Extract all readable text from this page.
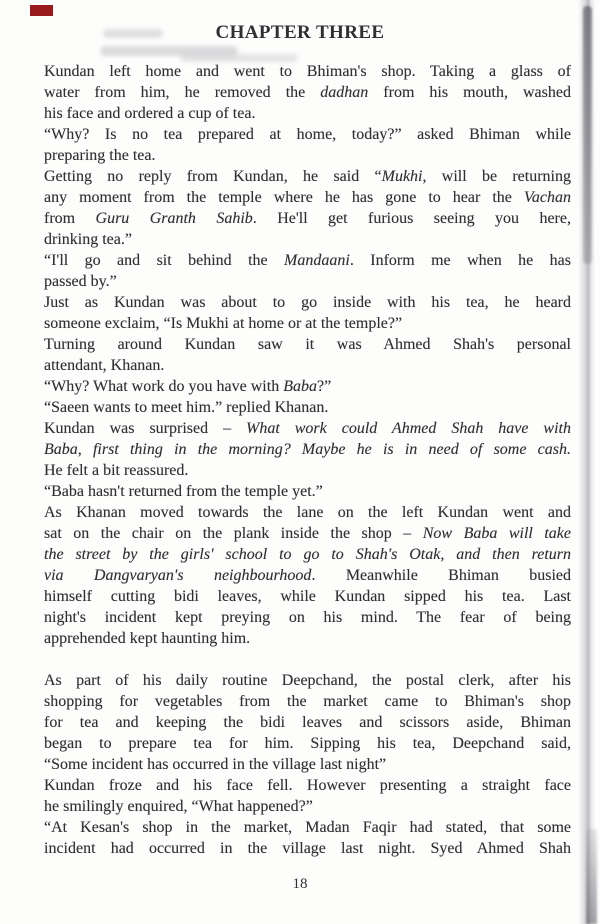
CHAPTER THREE
Kundan left home and went to Bhiman's shop. Taking a glass of
water from him, he removed the dadhan from his mouth, washed
his face and ordered a cup of tea.
“Why? Is no tea prepared at home, today?” asked Bhiman while
preparing the tea.
Getting no reply from Kundan, he said “Mukhi, will be returning
any moment from the temple where he has gone to hear the Vachan
from Guru Granth Sahib. He'll get furious seeing you here,
drinking tea.”
“I'll go and sit behind the Mandaani. Inform me when he has
passed by.”
Just as Kundan was about to go inside with his tea, he heard
someone exclaim, “Is Mukhi at home or at the temple?”
Turning around Kundan saw it was Ahmed Shah's personal
attendant, Khanan.
“Why? What work do you have with Baba?”
“Saeen wants to meet him.” replied Khanan.
Kundan was surprised – What work could Ahmed Shah have with
Baba, first thing in the morning? Maybe he is in need of some cash.
He felt a bit reassured.
“Baba hasn't returned from the temple yet.”
As Khanan moved towards the lane on the left Kundan went and
sat on the chair on the plank inside the shop – Now Baba will take
the street by the girls' school to go to Shah's Otak, and then return
via Dangvaryan's neighbourhood. Meanwhile Bhiman busied
himself cutting bidi leaves, while Kundan sipped his tea. Last
night's incident kept preying on his mind. The fear of being
apprehended kept haunting him.
As part of his daily routine Deepchand, the postal clerk, after his
shopping for vegetables from the market came to Bhiman's shop
for tea and keeping the bidi leaves and scissors aside, Bhiman
began to prepare tea for him. Sipping his tea, Deepchand said,
“Some incident has occurred in the village last night”
Kundan froze and his face fell. However presenting a straight face
he smilingly enquired, “What happened?”
“At Kesan's shop in the market, Madan Faqir had stated, that some
incident had occurred in the village last night. Syed Ahmed Shah
18
